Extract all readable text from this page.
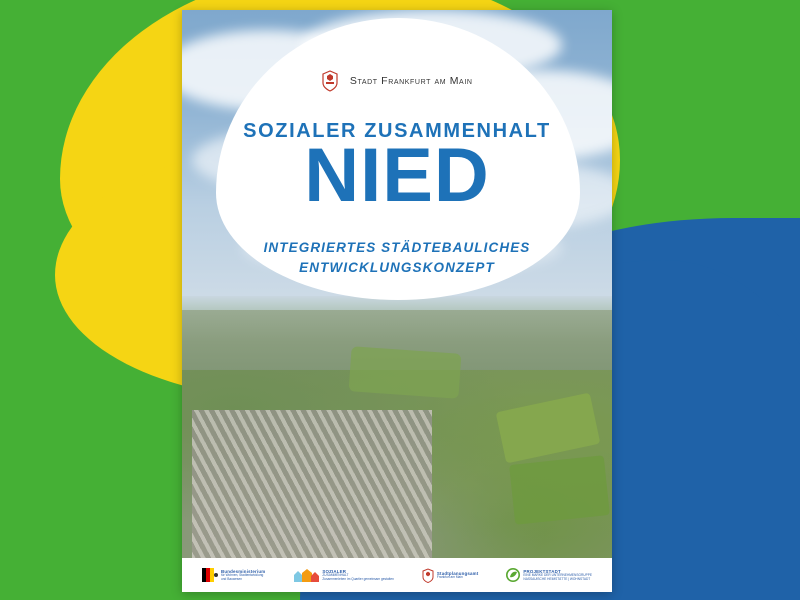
Stadt Frankfurt am Main
SOZIALER ZUSAMMENHALT
NIED
INTEGRIERTES STÄDTEBAULICHES
ENTWICKLUNGSKONZEPT
Bundesministerium
für Wohnen, Stadtentwicklung
und Bauwesen
SOZIALER
ZUSAMMENHALT
Zusammenleben im Quartier gemeinsam gestalten
Stadtplanungsamt
Frankfurt am Main
PROJEKTSTADT
EINE MARKE DER UNTERNEHMENSGRUPPE
NASSAUISCHE HEIMSTÄTTE | WOHNSTADT
